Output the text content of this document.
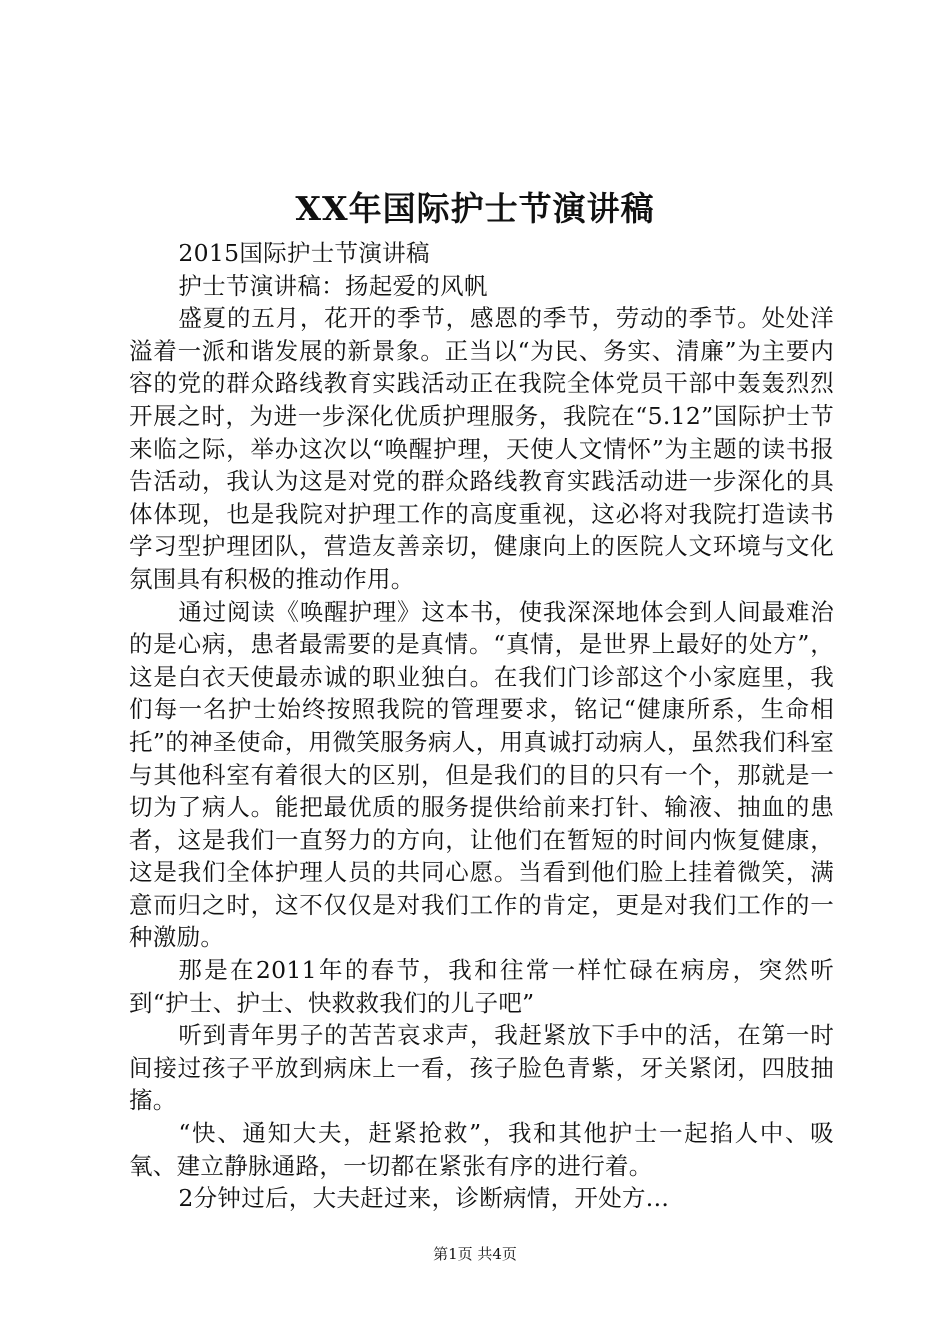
XX年国际护士节演讲稿

2015国际护士节演讲稿

护士节演讲稿：扬起爱的风帆

盛夏的五月，花开的季节，感恩的季节，劳动的季节。处处洋溢着一派和谐发展的新景象。正当以“为民、务实、清廉”为主要内容的党的群众路线教育实践活动正在我院全体党员干部中轰轰烈烈开展之时，为进一步深化优质护理服务，我院在“5.12”国际护士节来临之际，举办这次以“唤醒护理，天使人文情怀”为主题的读书报告活动，我认为这是对党的群众路线教育实践活动进一步深化的具体体现，也是我院对护理工作的高度重视，这必将对我院打造读书学习型护理团队，营造友善亲切，健康向上的医院人文环境与文化氛围具有积极的推动作用。

通过阅读《唤醒护理》这本书，使我深深地体会到人间最难治的是心病，患者最需要的是真情。“真情，是世界上最好的处方”，这是白衣天使最赤诚的职业独白。在我们门诊部这个小家庭里，我们每一名护士始终按照我院的管理要求，铭记“健康所系，生命相托”的神圣使命，用微笑服务病人，用真诚打动病人，虽然我们科室与其他科室有着很大的区别，但是我们的目的只有一个，那就是一切为了病人。能把最优质的服务提供给前来打针、输液、抽血的患者，这是我们一直努力的方向，让他们在暂短的时间内恢复健康，这是我们全体护理人员的共同心愿。当看到他们脸上挂着微笑，满意而归之时，这不仅仅是对我们工作的肯定，更是对我们工作的一种激励。

那是在2011年的春节，我和往常一样忙碌在病房，突然听到“护士、护士、快救救我们的儿子吧”

听到青年男子的苦苦哀求声，我赶紧放下手中的活，在第一时间接过孩子平放到病床上一看，孩子脸色青紫，牙关紧闭，四肢抽搐。

“快、通知大夫，赶紧抢救”，我和其他护士一起掐人中、吸氧、建立静脉通路，一切都在紧张有序的进行着。

2分钟过后，大夫赶过来，诊断病情，开处方...

第1页 共4页
